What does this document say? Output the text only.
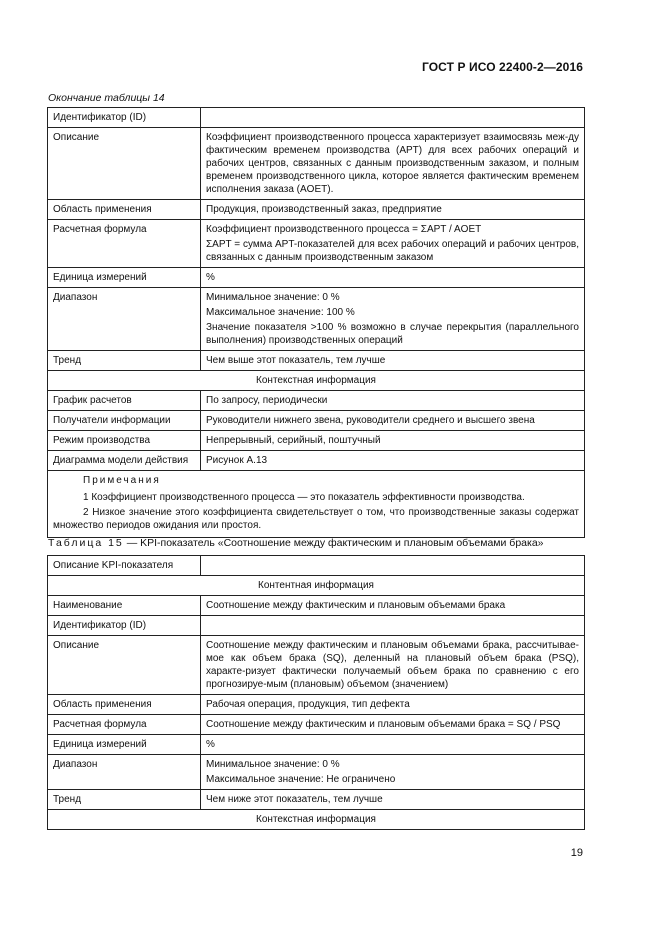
ГОСТ Р ИСО 22400-2—2016
Окончание таблицы 14
Идентификатор (ID)	

Описание	Коэффициент производственного процесса характеризует взаимосвязь меж-ду фактическим временем производства (APT) для всех рабочих операций и рабочих центров, связанных с данным производственным заказом, и полным временем производственного цикла, которое является фактическим временем исполнения заказа (AOET).

Область применения	Продукция, производственный заказ, предприятие

Расчетная формула	Коэффициент производственного процесса = ΣAPT / AOET
ΣAPT = сумма APT-показателей для всех рабочих операций и рабочих центров, связанных с данным производственным заказом

Единица измерений	%

Диапазон	Минимальное значение: 0 %
Максимальное значение: 100 %
Значение показателя >100 % возможно в случае перекрытия (параллельного выполнения) производственных операций

Тренд	Чем выше этот показатель, тем лучше

Контекстная информация	
График расчетов	По запросу, периодически
Получатели информации	Руководители нижнего звена, руководители среднего и высшего звена
Режим производства	Непрерывный, серийный, поштучный
Диаграмма модели действия	Рисунок A.13

Примечания
1 Коэффициент производственного процесса — это показатель эффективности производства.
2 Низкое значение этого коэффициента свидетельствует о том, что производственные заказы содержат множество периодов ожидания или простоя.	
Таблица 15 — KPI-показатель «Соотношение между фактическим и плановым объемами брака»
Описание KPI-показателя	
Контентная информация	
Наименование	Соотношение между фактическим и плановым объемами брака

Идентификатор (ID)	

Описание	Соотношение между фактическим и плановым объемами брака, рассчитывае-мое как объем брака (SQ), деленный на плановый объем брака (PSQ), характе-ризует фактически получаемый объем брака по сравнению с его прогнозируе-мым (плановым) объемом (значением)

Область применения	Рабочая операция, продукция, тип дефекта

Расчетная формула	Соотношение между фактическим и плановым объемами брака = SQ / PSQ

Единица измерений	%

Диапазон	Минимальное значение: 0 %
Максимальное значение: Не ограничено

Тренд	Чем ниже этот показатель, тем лучше

Контекстная информация	
19
